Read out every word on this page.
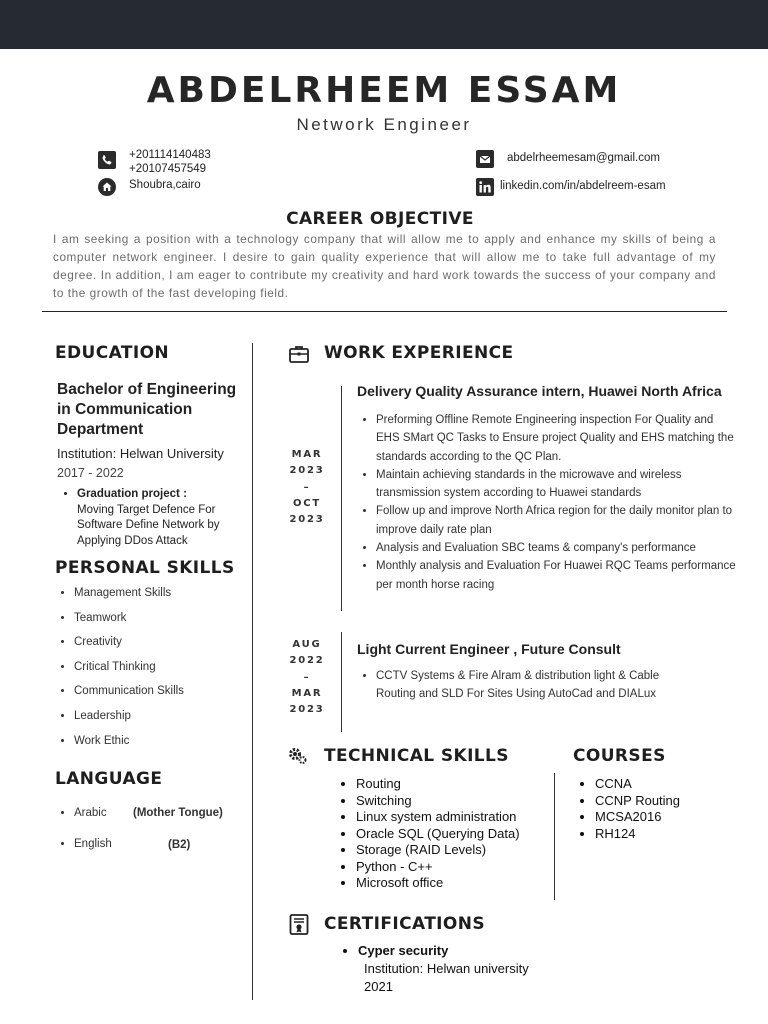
ABDELRHEEM ESSAM
Network Engineer
+201114140483
+20107457549
Shoubra,cairo
abdelrheemesam@gmail.com
linkedin.com/in/abdelreem-esam
CAREER OBJECTIVE
I am seeking a position with a technology company that will allow me to apply and enhance my skills of being a computer network engineer. I desire to gain quality experience that will allow me to take full advantage of my degree. In addition, I am eager to contribute my creativity and hard work towards the success of your company and to the growth of the fast developing field.
EDUCATION
Bachelor of Engineering in Communication Department
Institution: Helwan University
2017 - 2022
• Graduation project :
Moving Target Defence For Software Define Network by Applying DDos Attack
PERSONAL SKILLS
• Management Skills
• Teamwork
• Creativity
• Critical Thinking
• Communication Skills
• Leadership
• Work Ethic
LANGUAGE
• Arabic
• English
(Mother Tongue)
(B2)
WORK EXPERIENCE
MAR
2023
–
OCT
2023
Delivery Quality Assurance intern, Huawei North Africa
• Preforming Offline Remote Engineering inspection For Quality and EHS SMart QC Tasks to Ensure project Quality and EHS matching the standards according to the QC Plan.
• Maintain achieving standards in the microwave and wireless transmission system according to Huawei standards
• Follow up and improve North Africa region for the daily monitor plan to improve daily rate plan
• Analysis and Evaluation SBC teams & company's performance
• Monthly analysis and Evaluation For Huawei RQC Teams performance per month horse racing
AUG
2022
–
MAR
2023
Light Current Engineer , Future Consult
• CCTV Systems & Fire Alram & distribution light & Cable Routing and SLD For Sites Using AutoCad and DIALux
TECHNICAL SKILLS
• Routing
• Switching
• Linux system administration
• Oracle SQL (Querying Data)
• Storage (RAID Levels)
• Python - C++
• Microsoft office
COURSES
• CCNA
• CCNP Routing
• MCSA2016
• RH124
CERTIFICATIONS
• Cyper security
Institution: Helwan university
2021
